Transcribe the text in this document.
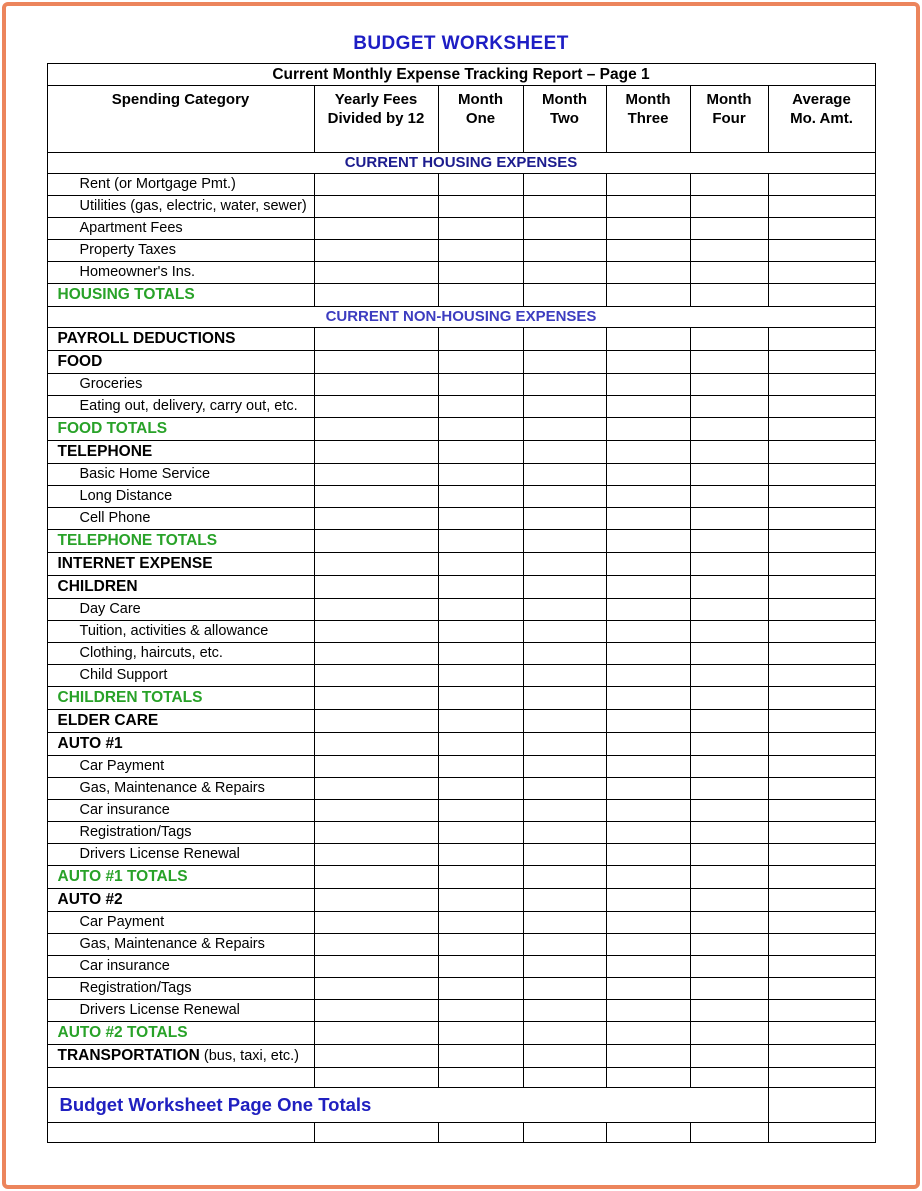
BUDGET WORKSHEET
Current Monthly Expense Tracking Report – Page 1						
Spending Category	Yearly Fees Divided by 12	Month One	Month Two	Month Three	Month Four	Average Mo. Amt.
CURRENT HOUSING EXPENSES						
Rent (or Mortgage Pmt.)						
Utilities (gas, electric, water, sewer)						
Apartment Fees						
Property Taxes						
Homeowner's Ins.						
HOUSING TOTALS						
CURRENT NON-HOUSING EXPENSES						
PAYROLL DEDUCTIONS						
FOOD						
Groceries						
Eating out, delivery, carry out, etc.						
FOOD TOTALS						
TELEPHONE						
Basic Home Service						
Long Distance						
Cell Phone						
TELEPHONE TOTALS						
INTERNET EXPENSE						
CHILDREN						
Day Care						
Tuition, activities & allowance						
Clothing, haircuts, etc.						
Child Support						
CHILDREN TOTALS						
ELDER CARE						
AUTO #1						
Car Payment						
Gas, Maintenance & Repairs						
Car insurance						
Registration/Tags						
Drivers License Renewal						
AUTO #1 TOTALS						
AUTO #2						
Car Payment						
Gas, Maintenance & Repairs						
Car insurance						
Registration/Tags						
Drivers License Renewal						
AUTO #2 TOTALS						
TRANSPORTATION (bus, taxi, etc.)						

Budget Worksheet Page One Totals						
